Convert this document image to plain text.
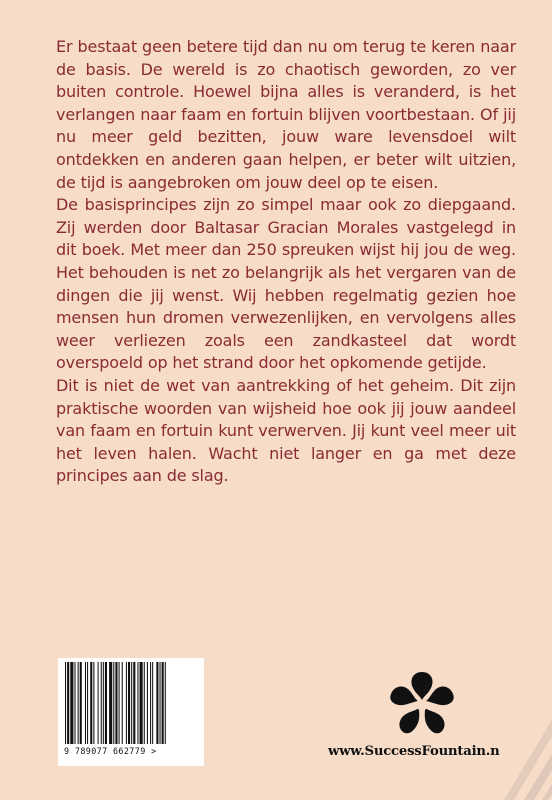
Er bestaat geen betere tijd dan nu om terug te keren naar de basis. De wereld is zo chaotisch geworden, zo ver buiten controle. Hoewel bijna alles is veranderd, is het verlangen naar faam en fortuin blijven voortbestaan. Of jij nu meer geld bezitten, jouw ware levensdoel wilt ontdekken en anderen gaan helpen, er beter wilt uitzien, de tijd is aangebroken om jouw deel op te eisen.

De basisprincipes zijn zo simpel maar ook zo diepgaand. Zij werden door Baltasar Gracian Morales vastgelegd in dit boek. Met meer dan 250 spreuken wijst hij jou de weg. Het behouden is net zo belangrijk als het vergaren van de dingen die jij wenst. Wij hebben regelmatig gezien hoe mensen hun dromen verwezenlijken, en vervolgens alles weer verliezen zoals een zandkasteel dat wordt overspoeld op het strand door het opkomende getijde.

Dit is niet de wet van aantrekking of het geheim. Dit zijn praktische woorden van wijsheid hoe ook jij jouw aandeel van faam en fortuin kunt verwerven. Jij kunt veel meer uit het leven halen. Wacht niet langer en ga met deze principes aan de slag.

9 789077 662779 >	www.SuccessFountain.n
